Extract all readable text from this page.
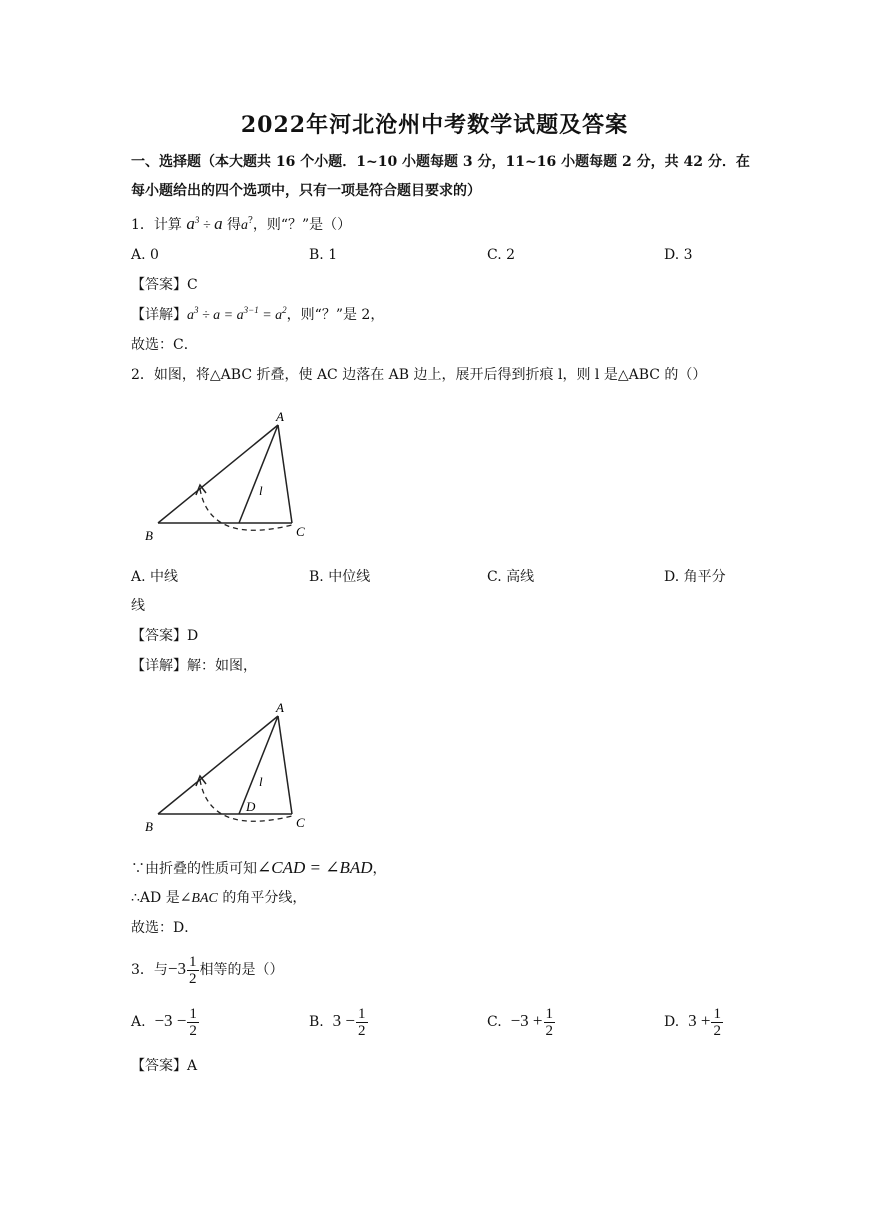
2022年河北沧州中考数学试题及答案
一、选择题（本大题共 16 个小题．1~10 小题每题 3 分，11~16 小题每题 2 分，共 42 分．在
每小题给出的四个选项中，只有一项是符合题目要求的）
1．计算 $a^3 \div a$ 得a?，则“？”是（）
A. 0	B. 1	C. 2	D. 3
【答案】C
【详解】$a^3 \div a = a^{3-1} = a^2$，则“？”是 2，
故选：C．
2．如图，将△ABC 折叠，使 AC 边落在 AB 边上，展开后得到折痕 l，则 l 是△ABC 的（）
A
B	C
l
A. 中线	B. 中位线	C. 高线	D. 角平分
线
【答案】D
【详解】解：如图，
A
B	C
l
D
∵由折叠的性质可知∠CAD = ∠BAD，
∴AD 是∠BAC 的角平分线，
故选：D．
3．与$-3 \frac{1}{2}$ 相等的是（）
A. $-3 - \frac{1}{2}$	B. $3 - \frac{1}{2}$	C. $-3 + \frac{1}{2}$	D. $3 + \frac{1}{2}$
【答案】A
